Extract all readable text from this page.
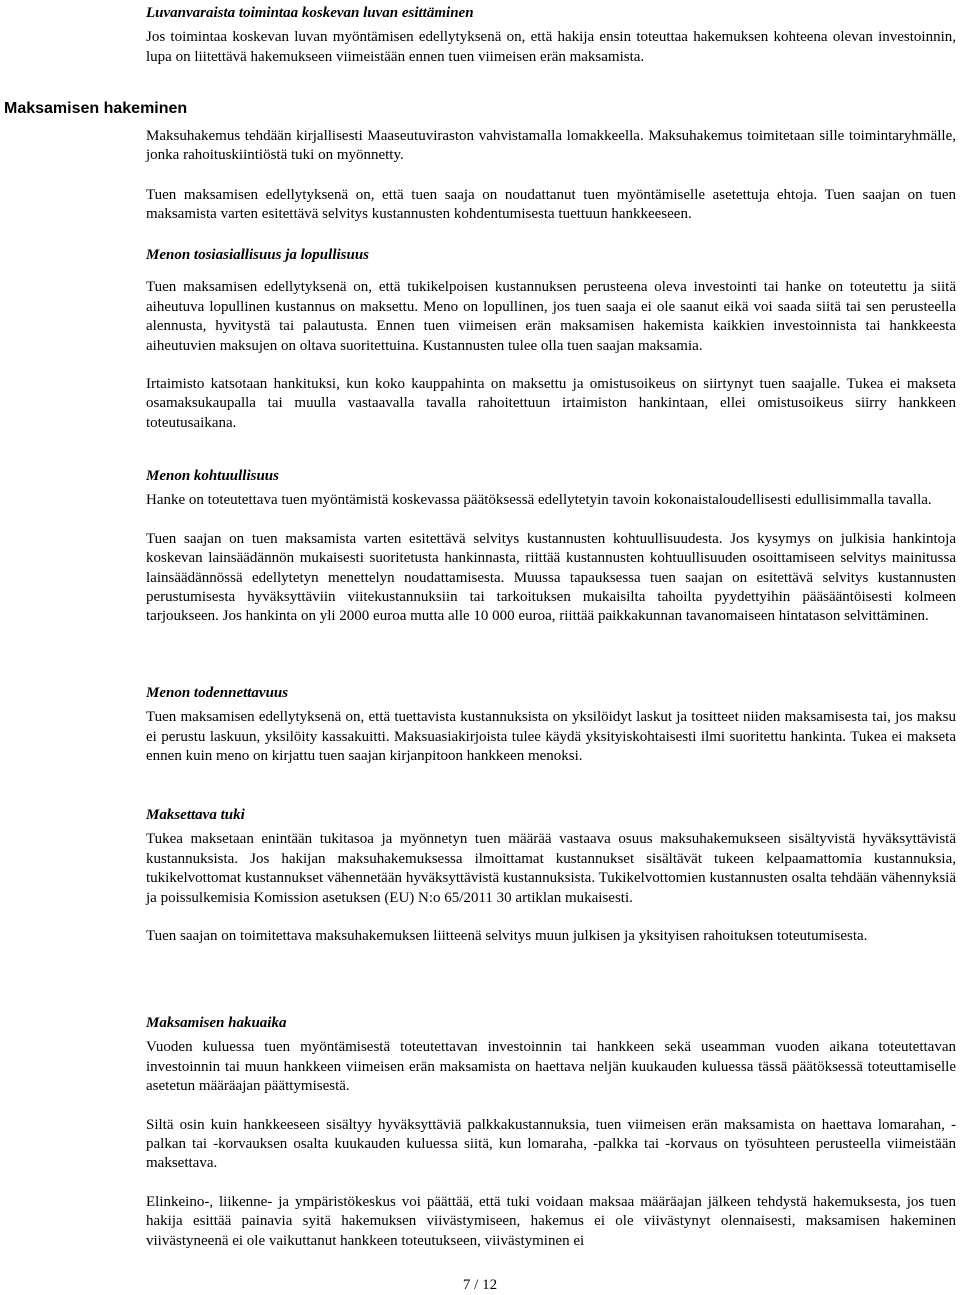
Luvanvaraista toimintaa koskevan luvan esittäminen

Jos toimintaa koskevan luvan myöntämisen edellytyksenä on, että hakija ensin toteuttaa hakemuksen kohteena olevan investoinnin, lupa on liitettävä hakemukseen viimeistään ennen tuen viimeisen erän maksamista.

Maksamisen hakeminen

Maksuhakemus tehdään kirjallisesti Maaseutuviraston vahvistamalla lomakkeella. Maksuhakemus toimitetaan sille toimintaryhmälle, jonka rahoituskiintiöstä tuki on myönnetty.

Tuen maksamisen edellytyksenä on, että tuen saaja on noudattanut tuen myöntämiselle asetettuja ehtoja. Tuen saajan on tuen maksamista varten esitettävä selvitys kustannusten kohdentumisesta tuettuun hankkeeseen.

Menon tosiasiallisuus ja lopullisuus

Tuen maksamisen edellytyksenä on, että tukikelpoisen kustannuksen perusteena oleva investointi tai hanke on toteutettu ja siitä aiheutuva lopullinen kustannus on maksettu. Meno on lopullinen, jos tuen saaja ei ole saanut eikä voi saada siitä tai sen perusteella alennusta, hyvitystä tai palautusta. Ennen tuen viimeisen erän maksamisen hakemista kaikkien investoinnista tai hankkeesta aiheutuvien maksujen on oltava suoritettuina. Kustannusten tulee olla tuen saajan maksamia.

Irtaimisto katsotaan hankituksi, kun koko kauppahinta on maksettu ja omistusoikeus on siirtynyt tuen saajalle. Tukea ei makseta osamaksukaupalla tai muulla vastaavalla tavalla rahoitettuun irtaimiston hankintaan, ellei omistusoikeus siirry hankkeen toteutusaikana.

Menon kohtuullisuus

Hanke on toteutettava tuen myöntämistä koskevassa päätöksessä edellytetyin tavoin kokonaistaloudellisesti edullisimmalla tavalla.

Tuen saajan on tuen maksamista varten esitettävä selvitys kustannusten kohtuullisuudesta. Jos kysymys on julkisia hankintoja koskevan lainsäädännön mukaisesti suoritetusta hankinnasta, riittää kustannusten kohtuullisuuden osoittamiseen selvitys mainitussa lainsäädännössä edellytetyn menettelyn noudattamisesta. Muussa tapauksessa tuen saajan on esitettävä selvitys kustannusten perustumisesta hyväksyttäviin viitekustannuksiin tai tarkoituksen mukaisilta tahoilta pyydettyihin pääsääntöisesti kolmeen tarjoukseen. Jos hankinta on yli 2000 euroa mutta alle 10 000 euroa, riittää paikkakunnan tavanomaiseen hintatason selvittäminen.

Menon todennettavuus

Tuen maksamisen edellytyksenä on, että tuettavista kustannuksista on yksilöidyt laskut ja tositteet niiden maksamisesta tai, jos maksu ei perustu laskuun, yksilöity kassakuitti. Maksuasiakirjoista tulee käydä yksityiskohtaisesti ilmi suoritettu hankinta. Tukea ei makseta ennen kuin meno on kirjattu tuen saajan kirjanpitoon hankkeen menoksi.

Maksettava tuki

Tukea maksetaan enintään tukitasoa ja myönnetyn tuen määrää vastaava osuus maksuhakemukseen sisältyvistä hyväksyttävistä kustannuksista. Jos hakijan maksuhakemuksessa ilmoittamat kustannukset sisältävät tukeen kelpaamattomia kustannuksia, tukikelvottomat kustannukset vähennetään hyväksyttävistä kustannuksista. Tukikelvottomien kustannusten osalta tehdään vähennyksiä ja poissulkemisia Komission asetuksen (EU) N:o 65/2011 30 artiklan mukaisesti.

Tuen saajan on toimitettava maksuhakemuksen liitteenä selvitys muun julkisen ja yksityisen rahoituksen toteutumisesta.

Maksamisen hakuaika

Vuoden kuluessa tuen myöntämisestä toteutettavan investoinnin tai hankkeen sekä useamman vuoden aikana toteutettavan investoinnin tai muun hankkeen viimeisen erän maksamista on haettava neljän kuukauden kuluessa tässä päätöksessä toteuttamiselle asetetun määräajan päättymisestä.

Siltä osin kuin hankkeeseen sisältyy hyväksyttäviä palkkakustannuksia, tuen viimeisen erän maksamista on haettava lomarahan, -palkan tai -korvauksen osalta kuukauden kuluessa siitä, kun lomaraha, -palkka tai -korvaus on työsuhteen perusteella viimeistään maksettava.

Elinkeino-, liikenne- ja ympäristökeskus voi päättää, että tuki voidaan maksaa määräajan jälkeen tehdystä hakemuksesta, jos tuen hakija esittää painavia syitä hakemuksen viivästymiseen, hakemus ei ole viivästynyt olennaisesti, maksamisen hakeminen viivästyneenä ei ole vaikuttanut hankkeen toteutukseen, viivästyminen ei

7 / 12
